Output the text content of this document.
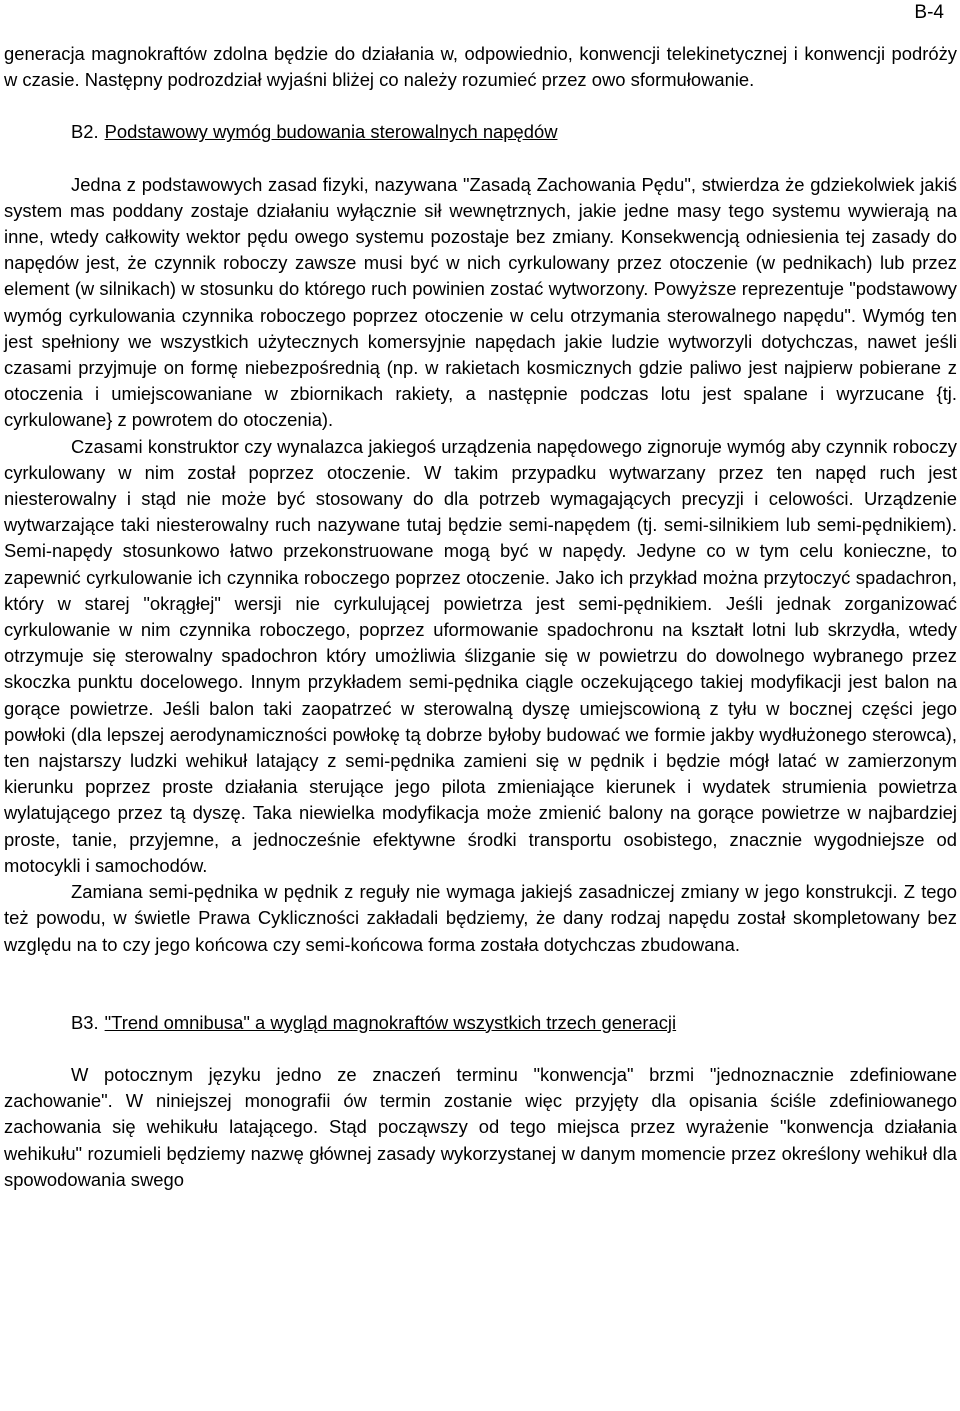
B-4

generacja magnokraftów zdolna będzie do działania w, odpowiednio, konwencji telekinetycznej i konwencji podróży w czasie. Następny podrozdział wyjaśni bliżej co należy rozumieć przez owo sformułowanie.

B2. Podstawowy wymóg budowania sterowalnych napędów

Jedna z podstawowych zasad fizyki, nazywana "Zasadą Zachowania Pędu", stwierdza że gdziekolwiek jakiś system mas poddany zostaje działaniu wyłącznie sił wewnętrznych, jakie jedne masy tego systemu wywierają na inne, wtedy całkowity wektor pędu owego systemu pozostaje bez zmiany. Konsekwencją odniesienia tej zasady do napędów jest, że czynnik roboczy zawsze musi być w nich cyrkulowany przez otoczenie (w pednikach) lub przez element (w silnikach) w stosunku do którego ruch powinien zostać wytworzony. Powyższe reprezentuje "podstawowy wymóg cyrkulowania czynnika roboczego poprzez otoczenie w celu otrzymania sterowalnego napędu". Wymóg ten jest spełniony we wszystkich użytecznych komersyjnie napędach jakie ludzie wytworzyli dotychczas, nawet jeśli czasami przyjmuje on formę niebezpośrednią (np. w rakietach kosmicznych gdzie paliwo jest najpierw pobierane z otoczenia i umiejscowaniane w zbiornikach rakiety, a następnie podczas lotu jest spalane i wyrzucane {tj. cyrkulowane} z powrotem do otoczenia).

Czasami konstruktor czy wynalazca jakiegoś urządzenia napędowego zignoruje wymóg aby czynnik roboczy cyrkulowany w nim został poprzez otoczenie. W takim przypadku wytwarzany przez ten napęd ruch jest niesterowalny i stąd nie może być stosowany do dla potrzeb wymagających precyzji i celowości. Urządzenie wytwarzające taki niesterowalny ruch nazywane tutaj będzie semi-napędem (tj. semi-silnikiem lub semi-pędnikiem). Semi-napędy stosunkowo łatwo przekonstruowane mogą być w napędy. Jedyne co w tym celu konieczne, to zapewnić cyrkulowanie ich czynnika roboczego poprzez otoczenie. Jako ich przykład można przytoczyć spadachron, który w starej "okrągłej" wersji nie cyrkulującej powietrza jest semi-pędnikiem. Jeśli jednak zorganizować cyrkulowanie w nim czynnika roboczego, poprzez uformowanie spadochronu na kształt lotni lub skrzydła, wtedy otrzymuje się sterowalny spadochron który umożliwia ślizganie się w powietrzu do dowolnego wybranego przez skoczka punktu docelowego. Innym przykładem semi-pędnika ciągle oczekującego takiej modyfikacji jest balon na gorące powietrze. Jeśli balon taki zaopatrzeć w sterowalną dyszę umiejscowioną z tyłu w bocznej części jego powłoki (dla lepszej aerodynamiczności powłokę tą dobrze byłoby budować we formie jakby wydłużonego sterowca), ten najstarszy ludzki wehikuł latający z semi-pędnika zamieni się w pędnik i będzie mógł latać w zamierzonym kierunku poprzez proste działania sterujące jego pilota zmieniające kierunek i wydatek strumienia powietrza wylatującego przez tą dyszę. Taka niewielka modyfikacja może zmienić balony na gorące powietrze w najbardziej proste, tanie, przyjemne, a jednocześnie efektywne środki transportu osobistego, znacznie wygodniejsze od motocykli i samochodów.

Zamiana semi-pędnika w pędnik z reguły nie wymaga jakiejś zasadniczej zmiany w jego konstrukcji. Z tego też powodu, w świetle Prawa Cykliczności zakładali będziemy, że dany rodzaj napędu został skompletowany bez względu na to czy jego końcowa czy semi-końcowa forma została dotychczas zbudowana.

B3. "Trend omnibusa" a wygląd magnokraftów wszystkich trzech generacji

W potocznym języku jedno ze znaczeń terminu "konwencja" brzmi "jednoznacznie zdefiniowane zachowanie". W niniejszej monografii ów termin zostanie więc przyjęty dla opisania ściśle zdefiniowanego zachowania się wehikułu latającego. Stąd począwszy od tego miejsca przez wyrażenie "konwencja działania wehikułu" rozumieli będziemy nazwę głównej zasady wykorzystanej w danym momencie przez określony wehikuł dla spowodowania swego
